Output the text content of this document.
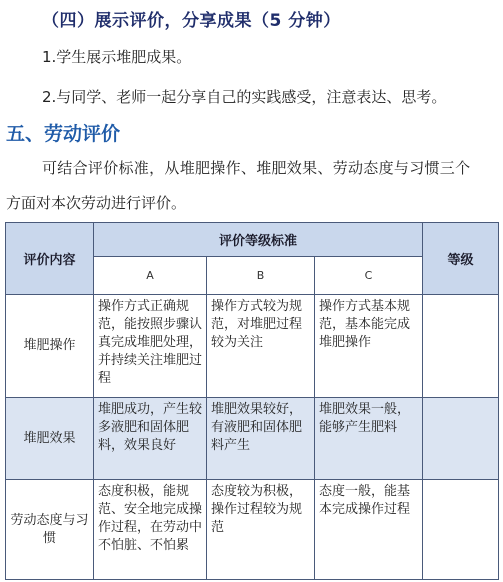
（四）展示评价，分享成果（5 分钟）
1.学生展示堆肥成果。
2.与同学、老师一起分享自己的实践感受，注意表达、思考。
五、劳动评价
可结合评价标准，从堆肥操作、堆肥效果、劳动态度与习惯三个
方面对本次劳动进行评价。
评价内容	评价等级标准			等级
	A	B	C	
堆肥操作	操作方式正确规范，能按照步骤认真完成堆肥处理，并持续关注堆肥过程	操作方式较为规范，对堆肥过程较为关注	操作方式基本规范，基本能完成堆肥操作	
堆肥效果	堆肥成功，产生较多液肥和固体肥料，效果良好	堆肥效果较好，有液肥和固体肥料产生	堆肥效果一般，能够产生肥料	
劳动态度与习惯	态度积极，能规范、安全地完成操作过程，在劳动中不怕脏、不怕累	态度较为积极，操作过程较为规范	态度一般，能基本完成操作过程	
